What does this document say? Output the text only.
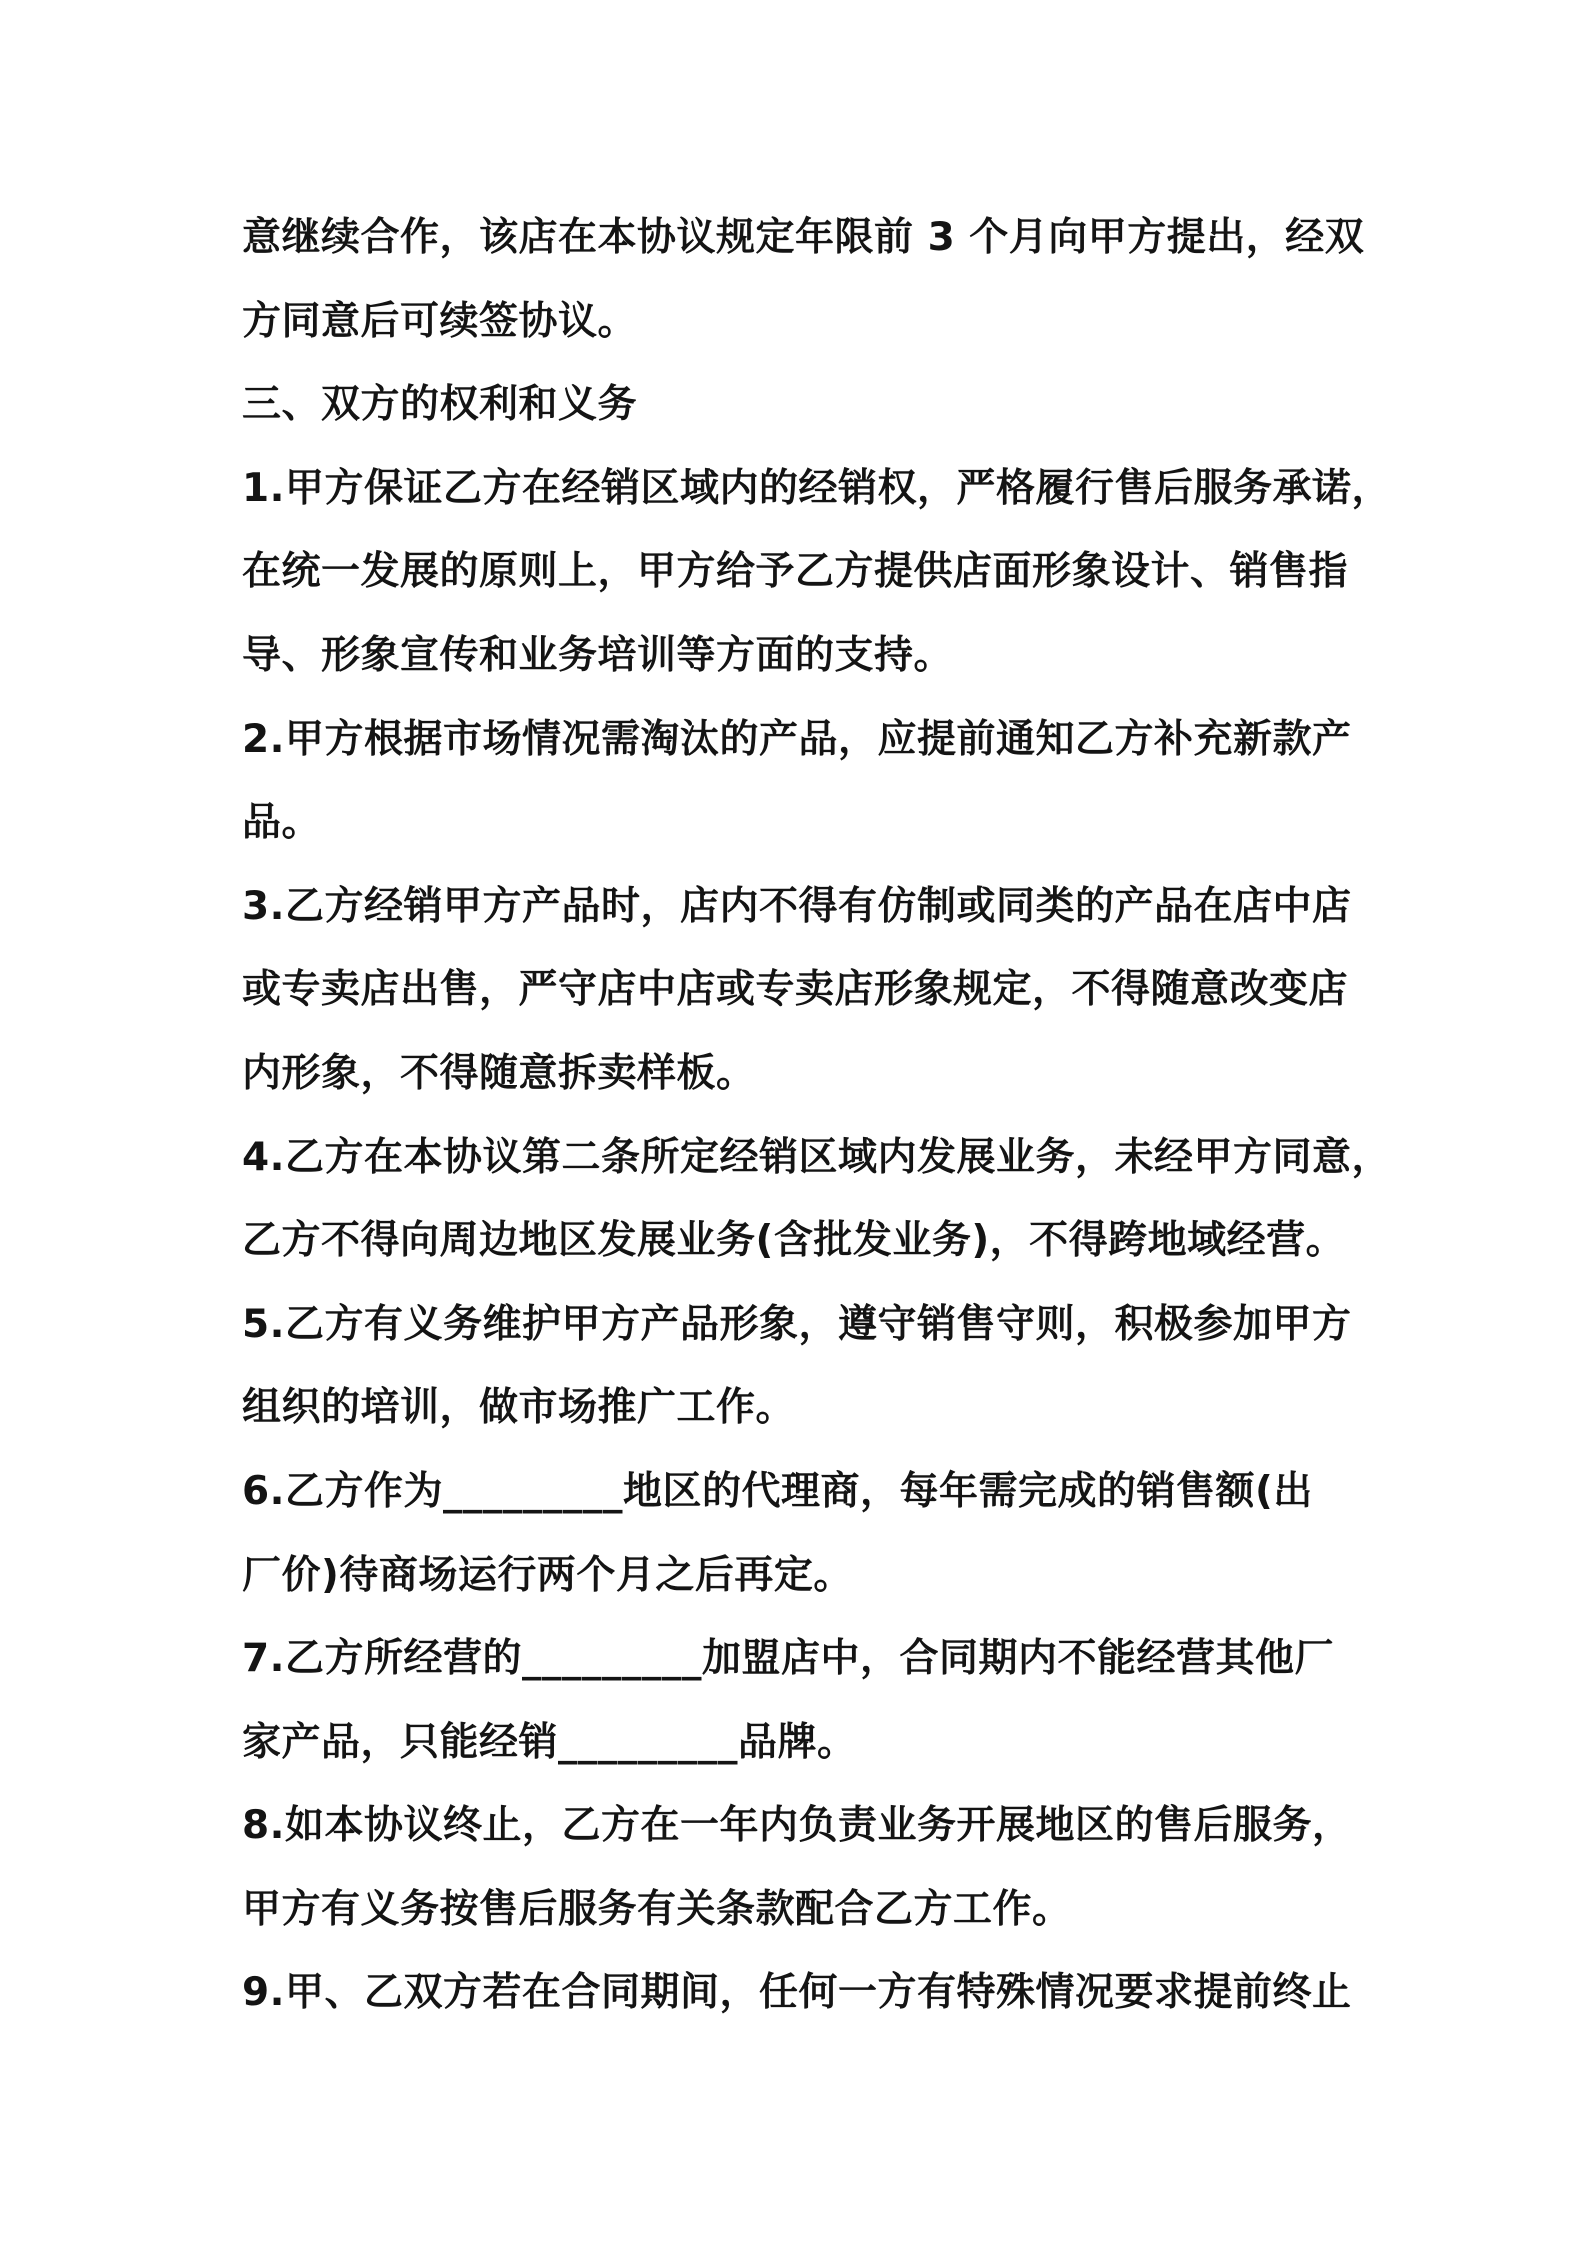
意继续合作，该店在本协议规定年限前 3 个月向甲方提出，经双
方同意后可续签协议。
三、双方的权利和义务
1.甲方保证乙方在经销区域内的经销权，严格履行售后服务承诺，
在统一发展的原则上，甲方给予乙方提供店面形象设计、销售指
导、形象宣传和业务培训等方面的支持。
2.甲方根据市场情况需淘汰的产品，应提前通知乙方补充新款产
品。
3.乙方经销甲方产品时，店内不得有仿制或同类的产品在店中店
或专卖店出售，严守店中店或专卖店形象规定，不得随意改变店
内形象，不得随意拆卖样板。
4.乙方在本协议第二条所定经销区域内发展业务，未经甲方同意，
乙方不得向周边地区发展业务(含批发业务)，不得跨地域经营。
5.乙方有义务维护甲方产品形象，遵守销售守则，积极参加甲方
组织的培训，做市场推广工作。
6.乙方作为_________地区的代理商，每年需完成的销售额(出
厂价)待商场运行两个月之后再定。
7.乙方所经营的_________加盟店中，合同期内不能经营其他厂
家产品，只能经销_________品牌。
8.如本协议终止，乙方在一年内负责业务开展地区的售后服务，
甲方有义务按售后服务有关条款配合乙方工作。
9.甲、乙双方若在合同期间，任何一方有特殊情况要求提前终止
